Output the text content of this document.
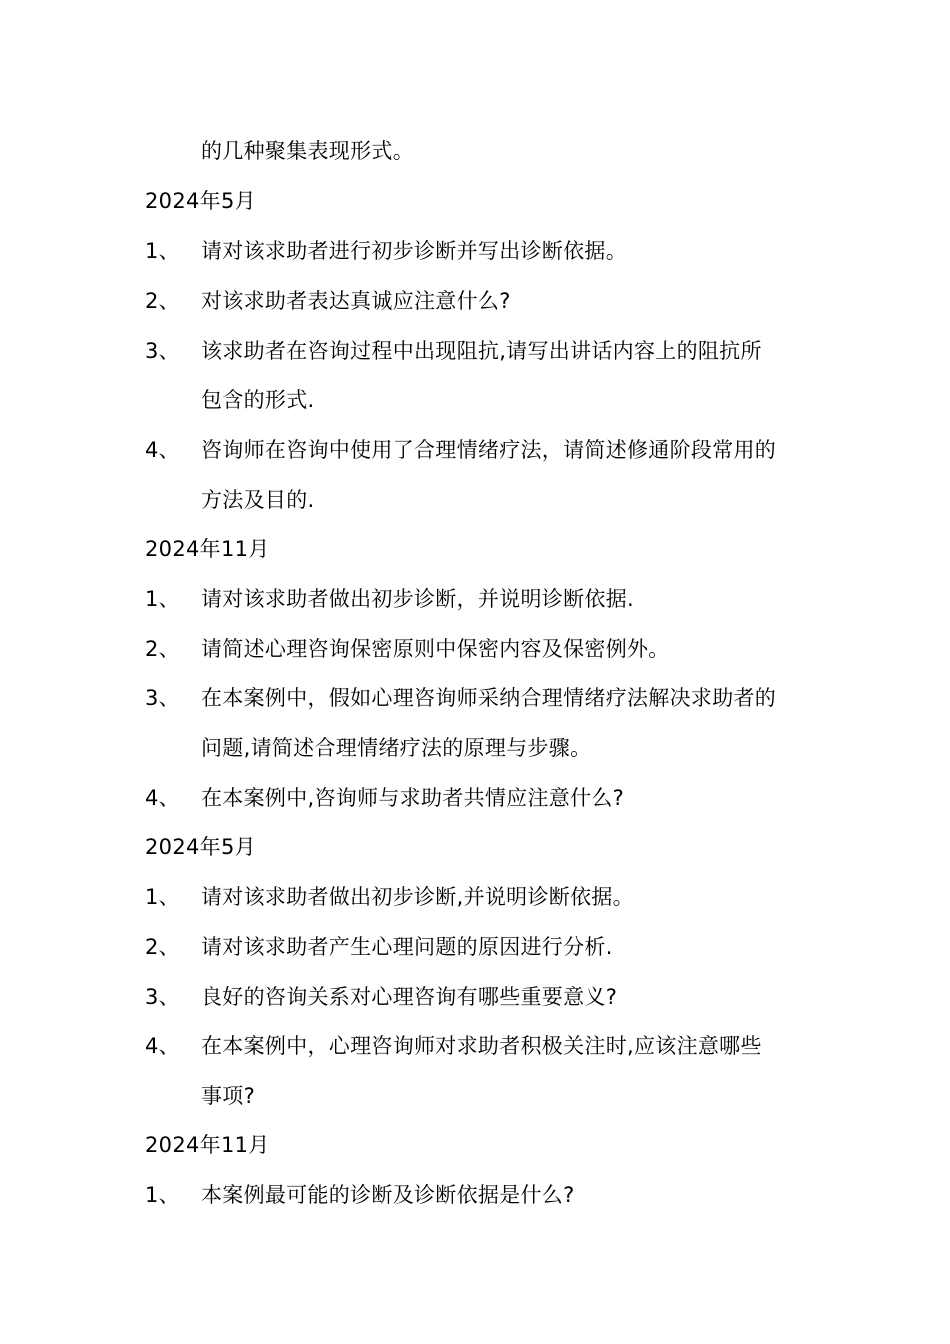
的几种聚集表现形式。
2024年5月
1、 请对该求助者进行初步诊断并写出诊断依据。
2、 对该求助者表达真诚应注意什么?
3、 该求助者在咨询过程中出现阻抗,请写出讲话内容上的阻抗所
包含的形式.
4、 咨询师在咨询中使用了合理情绪疗法，请简述修通阶段常用的
方法及目的.
2024年11月
1、 请对该求助者做出初步诊断，并说明诊断依据.
2、 请简述心理咨询保密原则中保密内容及保密例外。
3、 在本案例中，假如心理咨询师采纳合理情绪疗法解决求助者的
问题,请简述合理情绪疗法的原理与步骤。
4、 在本案例中,咨询师与求助者共情应注意什么?
2024年5月
1、 请对该求助者做出初步诊断,并说明诊断依据。
2、 请对该求助者产生心理问题的原因进行分析.
3、 良好的咨询关系对心理咨询有哪些重要意义?
4、 在本案例中，心理咨询师对求助者积极关注时,应该注意哪些
事项?
2024年11月
1、 本案例最可能的诊断及诊断依据是什么?
